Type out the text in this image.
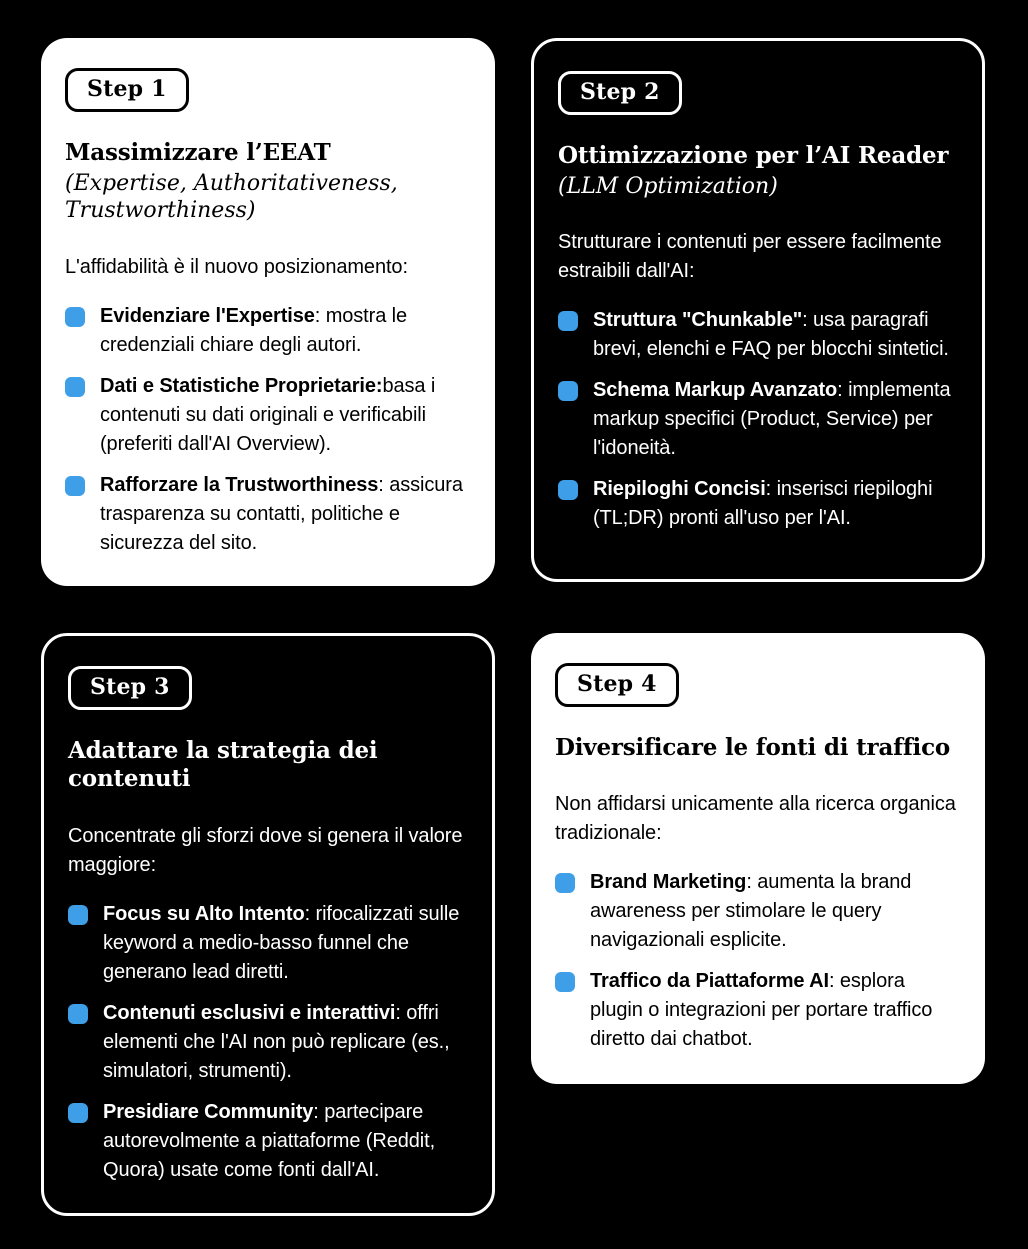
Step 1
Massimizzare l’EEAT

(Expertise, Authoritativeness, Trustworthiness)

L'affidabilità è il nuovo posizionamento:

Evidenziare l'Expertise: mostra le credenziali chiare degli autori.
Dati e Statistiche Proprietarie:basa i contenuti su dati originali e verificabili (preferiti dall'AI Overview).
Rafforzare la Trustworthiness: assicura trasparenza su contatti, politiche e sicurezza del sito.
Step 2
Ottimizzazione per l’AI Reader

(LLM Optimization)

Strutturare i contenuti per essere facilmente estraibili dall'AI:

Struttura "Chunkable": usa paragrafi brevi, elenchi e FAQ per blocchi sintetici.
Schema Markup Avanzato: implementa markup specifici (Product, Service) per l'idoneità.
Riepiloghi Concisi: inserisci riepiloghi (TL;DR) pronti all'uso per l'AI.
Step 3
Adattare la strategia dei contenuti

Concentrate gli sforzi dove si genera il valore maggiore:

Focus su Alto Intento: rifocalizzati sulle keyword a medio-basso funnel che generano lead diretti.
Contenuti esclusivi e interattivi: offri elementi che l'AI non può replicare (es., simulatori, strumenti).
Presidiare Community: partecipare autorevolmente a piattaforme (Reddit, Quora) usate come fonti dall'AI.
Step 4
Diversificare le fonti di traffico

Non affidarsi unicamente alla ricerca organica tradizionale:

Brand Marketing: aumenta la brand awareness per stimolare le query navigazionali esplicite.
Traffico da Piattaforme AI: esplora plugin o integrazioni per portare traffico diretto dai chatbot.
